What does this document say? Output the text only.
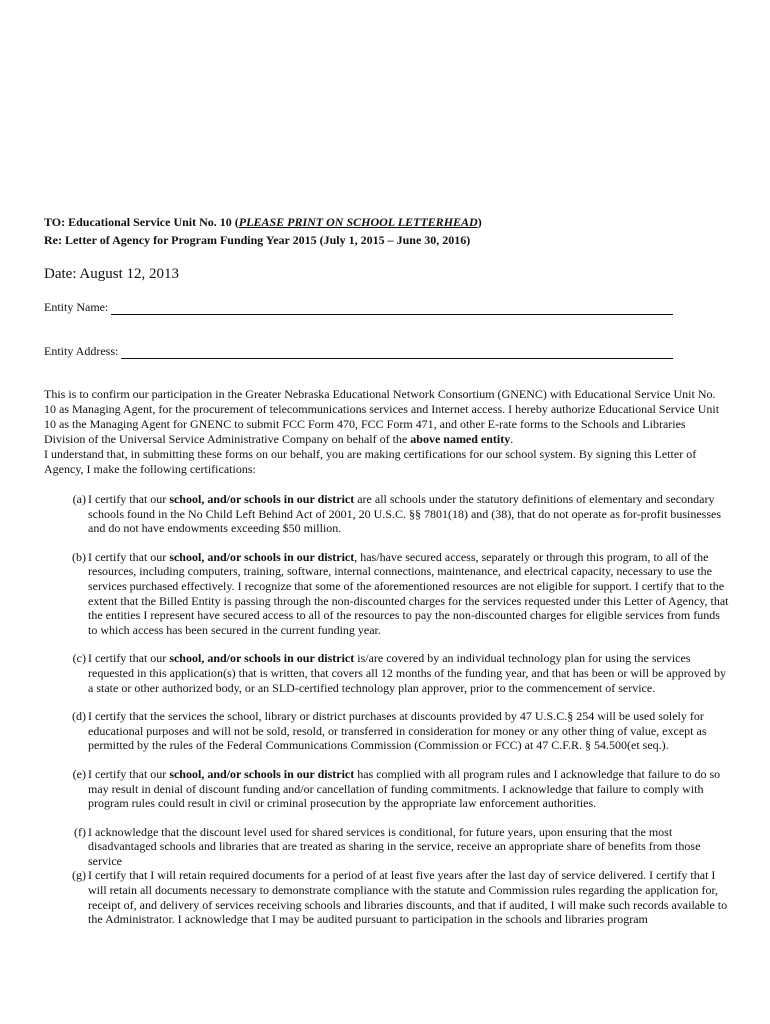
TO: Educational Service Unit No. 10 (PLEASE PRINT ON SCHOOL LETTERHEAD)
Re: Letter of Agency for Program Funding Year 2015 (July 1, 2015 – June 30, 2016)
Date: August 12, 2013
Entity Name:
Entity Address:

This is to confirm our participation in the Greater Nebraska Educational Network Consortium (GNENC) with Educational Service Unit No. 10 as Managing Agent, for the procurement of telecommunications services and Internet access. I hereby authorize Educational Service Unit 10 as the Managing Agent for GNENC to submit FCC Form 470, FCC Form 471, and other E-rate forms to the Schools and Libraries Division of the Universal Service Administrative Company on behalf of the above named entity.

I understand that, in submitting these forms on our behalf, you are making certifications for our school system. By signing this Letter of Agency, I make the following certifications:

(a) I certify that our school, and/or schools in our district are all schools under the statutory definitions of elementary and secondary schools found in the No Child Left Behind Act of 2001, 20 U.S.C. §§ 7801(18) and (38), that do not operate as for-profit businesses and do not have endowments exceeding $50 million.
(b) I certify that our school, and/or schools in our district, has/have secured access, separately or through this program, to all of the resources, including computers, training, software, internal connections, maintenance, and electrical capacity, necessary to use the services purchased effectively. I recognize that some of the aforementioned resources are not eligible for support. I certify that to the extent that the Billed Entity is passing through the non-discounted charges for the services requested under this Letter of Agency, that the entities I represent have secured access to all of the resources to pay the non-discounted charges for eligible services from funds to which access has been secured in the current funding year.
(c) I certify that our school, and/or schools in our district is/are covered by an individual technology plan for using the services requested in this application(s) that is written, that covers all 12 months of the funding year, and that has been or will be approved by a state or other authorized body, or an SLD-certified technology plan approver, prior to the commencement of service.
(d) I certify that the services the school, library or district purchases at discounts provided by 47 U.S.C.§ 254 will be used solely for educational purposes and will not be sold, resold, or transferred in consideration for money or any other thing of value, except as permitted by the rules of the Federal Communications Commission (Commission or FCC) at 47 C.F.R. § 54.500(et seq.).
(e) I certify that our school, and/or schools in our district has complied with all program rules and I acknowledge that failure to do so may result in denial of discount funding and/or cancellation of funding commitments. I acknowledge that failure to comply with program rules could result in civil or criminal prosecution by the appropriate law enforcement authorities.
(f) I acknowledge that the discount level used for shared services is conditional, for future years, upon ensuring that the most disadvantaged schools and libraries that are treated as sharing in the service, receive an appropriate share of benefits from those service
(g) I certify that I will retain required documents for a period of at least five years after the last day of service delivered. I certify that I will retain all documents necessary to demonstrate compliance with the statute and Commission rules regarding the application for, receipt of, and delivery of services receiving schools and libraries discounts, and that if audited, I will make such records available to the Administrator. I acknowledge that I may be audited pursuant to participation in the schools and libraries program
